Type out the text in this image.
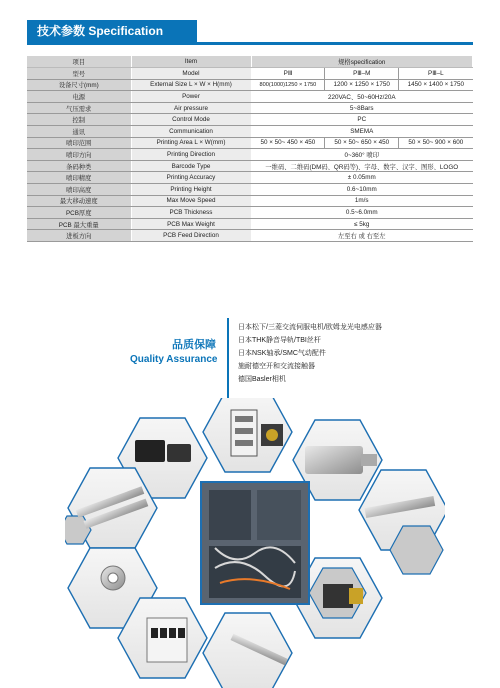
技术参数 Specification
项目	Item	规格specification		
型号	Model	PⅢ	PⅢ–M	PⅢ–L
设备尺寸(mm)	External Size L × W × H(mm)	800(1000)1250 × 1750	1200 × 1250 × 1750	1450 × 1400 × 1750
电源	Power	220VAC、50~60Hz/20A		
气压需求	Air pressure	5~8Bars		
控制	Control Mode	PC		
通讯	Communication	SMEMA		
喷印范围	Printing Area L × W(mm)	50 × 50~ 450 × 450	50 × 50~ 650 × 450	50 × 50~ 900 × 600
喷印方向	Printing Direction	0~360° 喷印		
条码种类	Barcode Type	一维码、二维码(DM码、QR码等)、字母、数字、汉字、图形、LOGO		
喷印精度	Printing Accuracy	± 0.05mm		
喷印高度	Printing Height	0.6~10mm		
最大移动速度	Max Move Speed	1m/s		
PCB厚度	PCB Thickness	0.5~6.0mm		
PCB 最大重量	PCB Max Weight	≤ 5kg		
进板方向	PCB Feed Direction	左至右 或 右至左		
品质保障
Quality Assurance
日本松下/三菱交流伺服电机/欧姆龙光电感应器
日本THK静音导轨/TBI丝杆
日本NSK轴承/SMC气动配件
施耐德空开和交流接触器
德国Basler相机
